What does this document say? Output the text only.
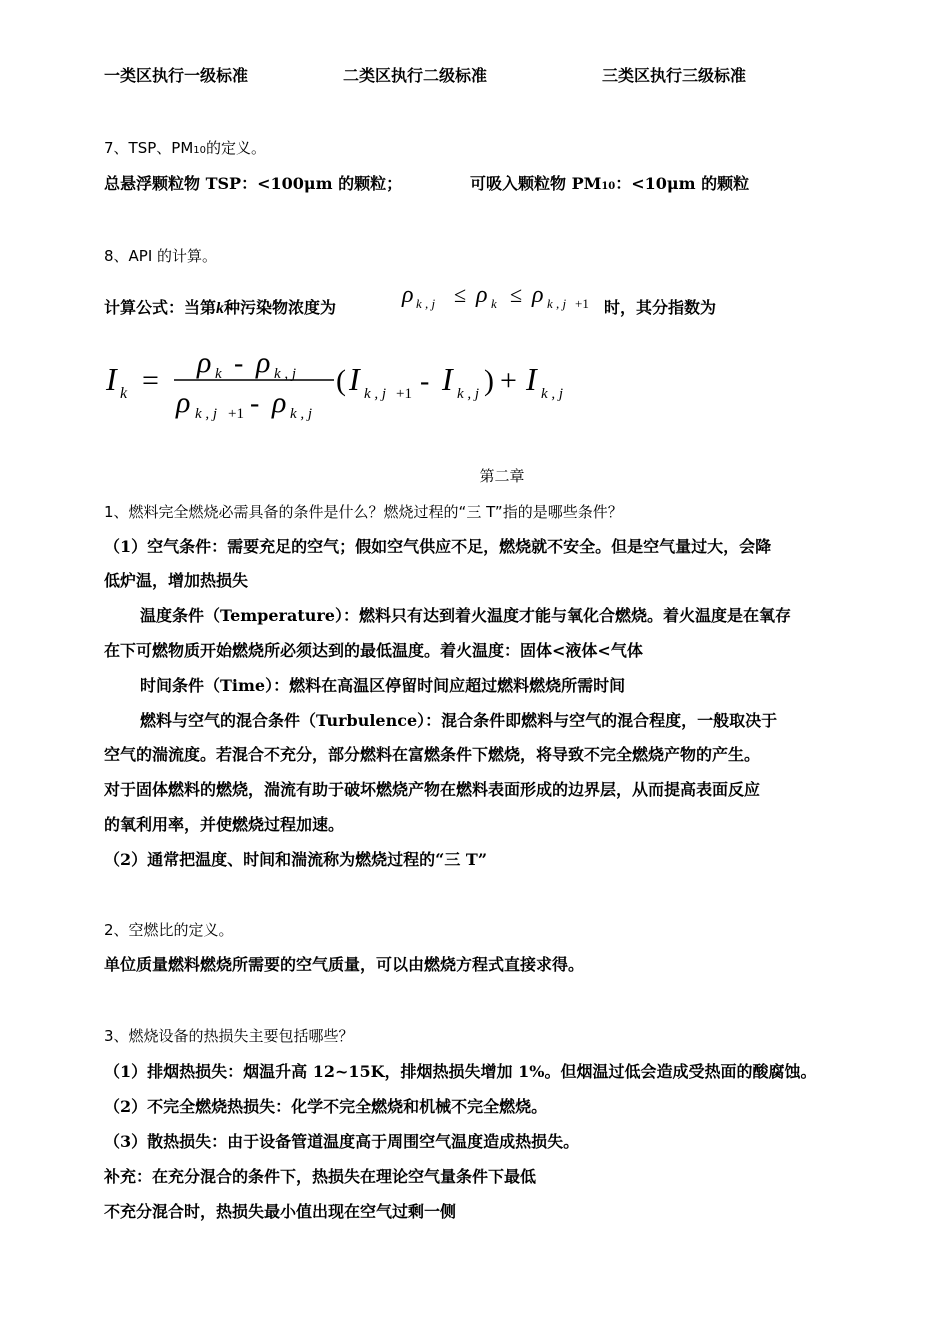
一类区执行一级标准	二类区执行二级标准	三类区执行三级标准
7、TSP、PM10的定义。
总悬浮颗粒物 TSP：<100μm 的颗粒；	可吸入颗粒物 PM10：<10μm 的颗粒
8、API 的计算。
计算公式：当第k种污染物浓度为	ρ k , j ≤ ρ k ≤ ρ k , j +1 时，其分指数为
I k =
ρ k - ρ k , j
ρ k , j +1 - ρ k , j
( I k , j +1 - I k , j ) + I k , j
第二章
1、燃料完全燃烧必需具备的条件是什么？燃烧过程的“三 T”指的是哪些条件？
（1）空气条件：需要充足的空气；假如空气供应不足，燃烧就不安全。但是空气量过大，会降
低炉温，增加热损失
温度条件（Temperature）：燃料只有达到着火温度才能与氧化合燃烧。着火温度是在氧存
在下可燃物质开始燃烧所必须达到的最低温度。着火温度：固体<液体<气体
时间条件（Time）：燃料在高温区停留时间应超过燃料燃烧所需时间
燃料与空气的混合条件（Turbulence）：混合条件即燃料与空气的混合程度，一般取决于
空气的湍流度。若混合不充分，部分燃料在富燃条件下燃烧，将导致不完全燃烧产物的产生。
对于固体燃料的燃烧，湍流有助于破坏燃烧产物在燃料表面形成的边界层，从而提高表面反应
的氧利用率，并使燃烧过程加速。
（2）通常把温度、时间和湍流称为燃烧过程的“三 T”
2、空燃比的定义。
单位质量燃料燃烧所需要的空气质量，可以由燃烧方程式直接求得。
3、燃烧设备的热损失主要包括哪些？
（1）排烟热损失：烟温升高 12~15K，排烟热损失增加 1%。但烟温过低会造成受热面的酸腐蚀。
（2）不完全燃烧热损失：化学不完全燃烧和机械不完全燃烧。
（3）散热损失：由于设备管道温度高于周围空气温度造成热损失。
补充：在充分混合的条件下，热损失在理论空气量条件下最低
不充分混合时，热损失最小值出现在空气过剩一侧
